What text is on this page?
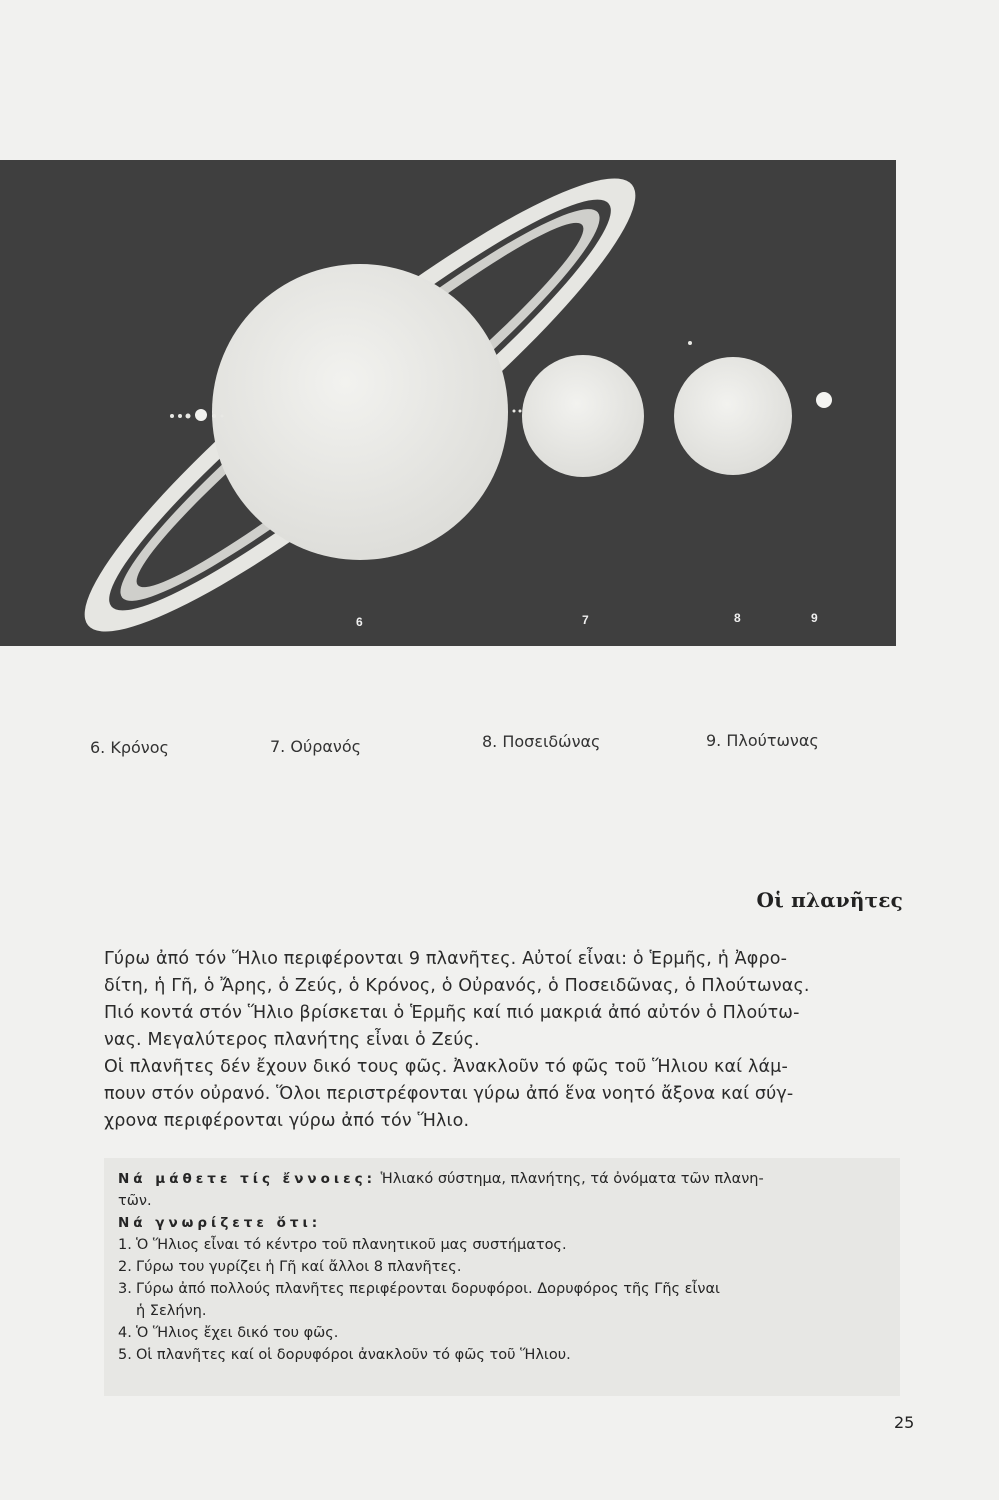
6	7	8	9
6. Κρόνος	7. Ούρανός	8. Ποσειδώνας	9. Πλούτωνας
Οἱ πλανῆτες
Γύρω ἀπό τόν Ἥλιο περιφέρονται 9 πλανῆτες. Αὐτοί εἶναι: ὁ Ἑρμῆς, ἡ Ἀφρο-
δίτη, ἡ Γῆ, ὁ Ἄρης, ὁ Ζεύς, ὁ Κρόνος, ὁ Οὐρανός, ὁ Ποσειδῶνας, ὁ Πλούτωνας.
Πιό κοντά στόν Ἥλιο βρίσκεται ὁ Ἑρμῆς καί πιό μακριά ἀπό αὐτόν ὁ Πλούτω-
νας. Μεγαλύτερος πλανήτης εἶναι ὁ Ζεύς.
Οἱ πλανῆτες δέν ἔχουν δικό τους φῶς. Ἀνακλοῦν τό φῶς τοῦ Ἥλιου καί λάμ-
πουν στόν οὐρανό. Ὅλοι περιστρέφονται γύρω ἀπό ἕνα νοητό ἄξονα καί σύγ-
χρονα περιφέρονται γύρω ἀπό τόν Ἥλιο.
Νά μάθετε τίς ἔννοιες: Ἡλιακό σύστημα, πλανήτης, τά ὀνόματα τῶν πλανη-
τῶν.
Νά γνωρίζετε ὅτι:
1. Ὁ Ἥλιος εἶναι τό κέντρο τοῦ πλανητικοῦ μας συστήματος.
2. Γύρω του γυρίζει ἡ Γῆ καί ἄλλοι 8 πλανῆτες.
3. Γύρω ἀπό πολλούς πλανῆτες περιφέρονται δορυφόροι. Δορυφόρος τῆς Γῆς εἶναι
ἡ Σελήνη.
4. Ὁ Ἥλιος ἔχει δικό του φῶς.
5. Οἱ πλανῆτες καί οἱ δορυφόροι ἀνακλοῦν τό φῶς τοῦ Ἥλιου.
25
